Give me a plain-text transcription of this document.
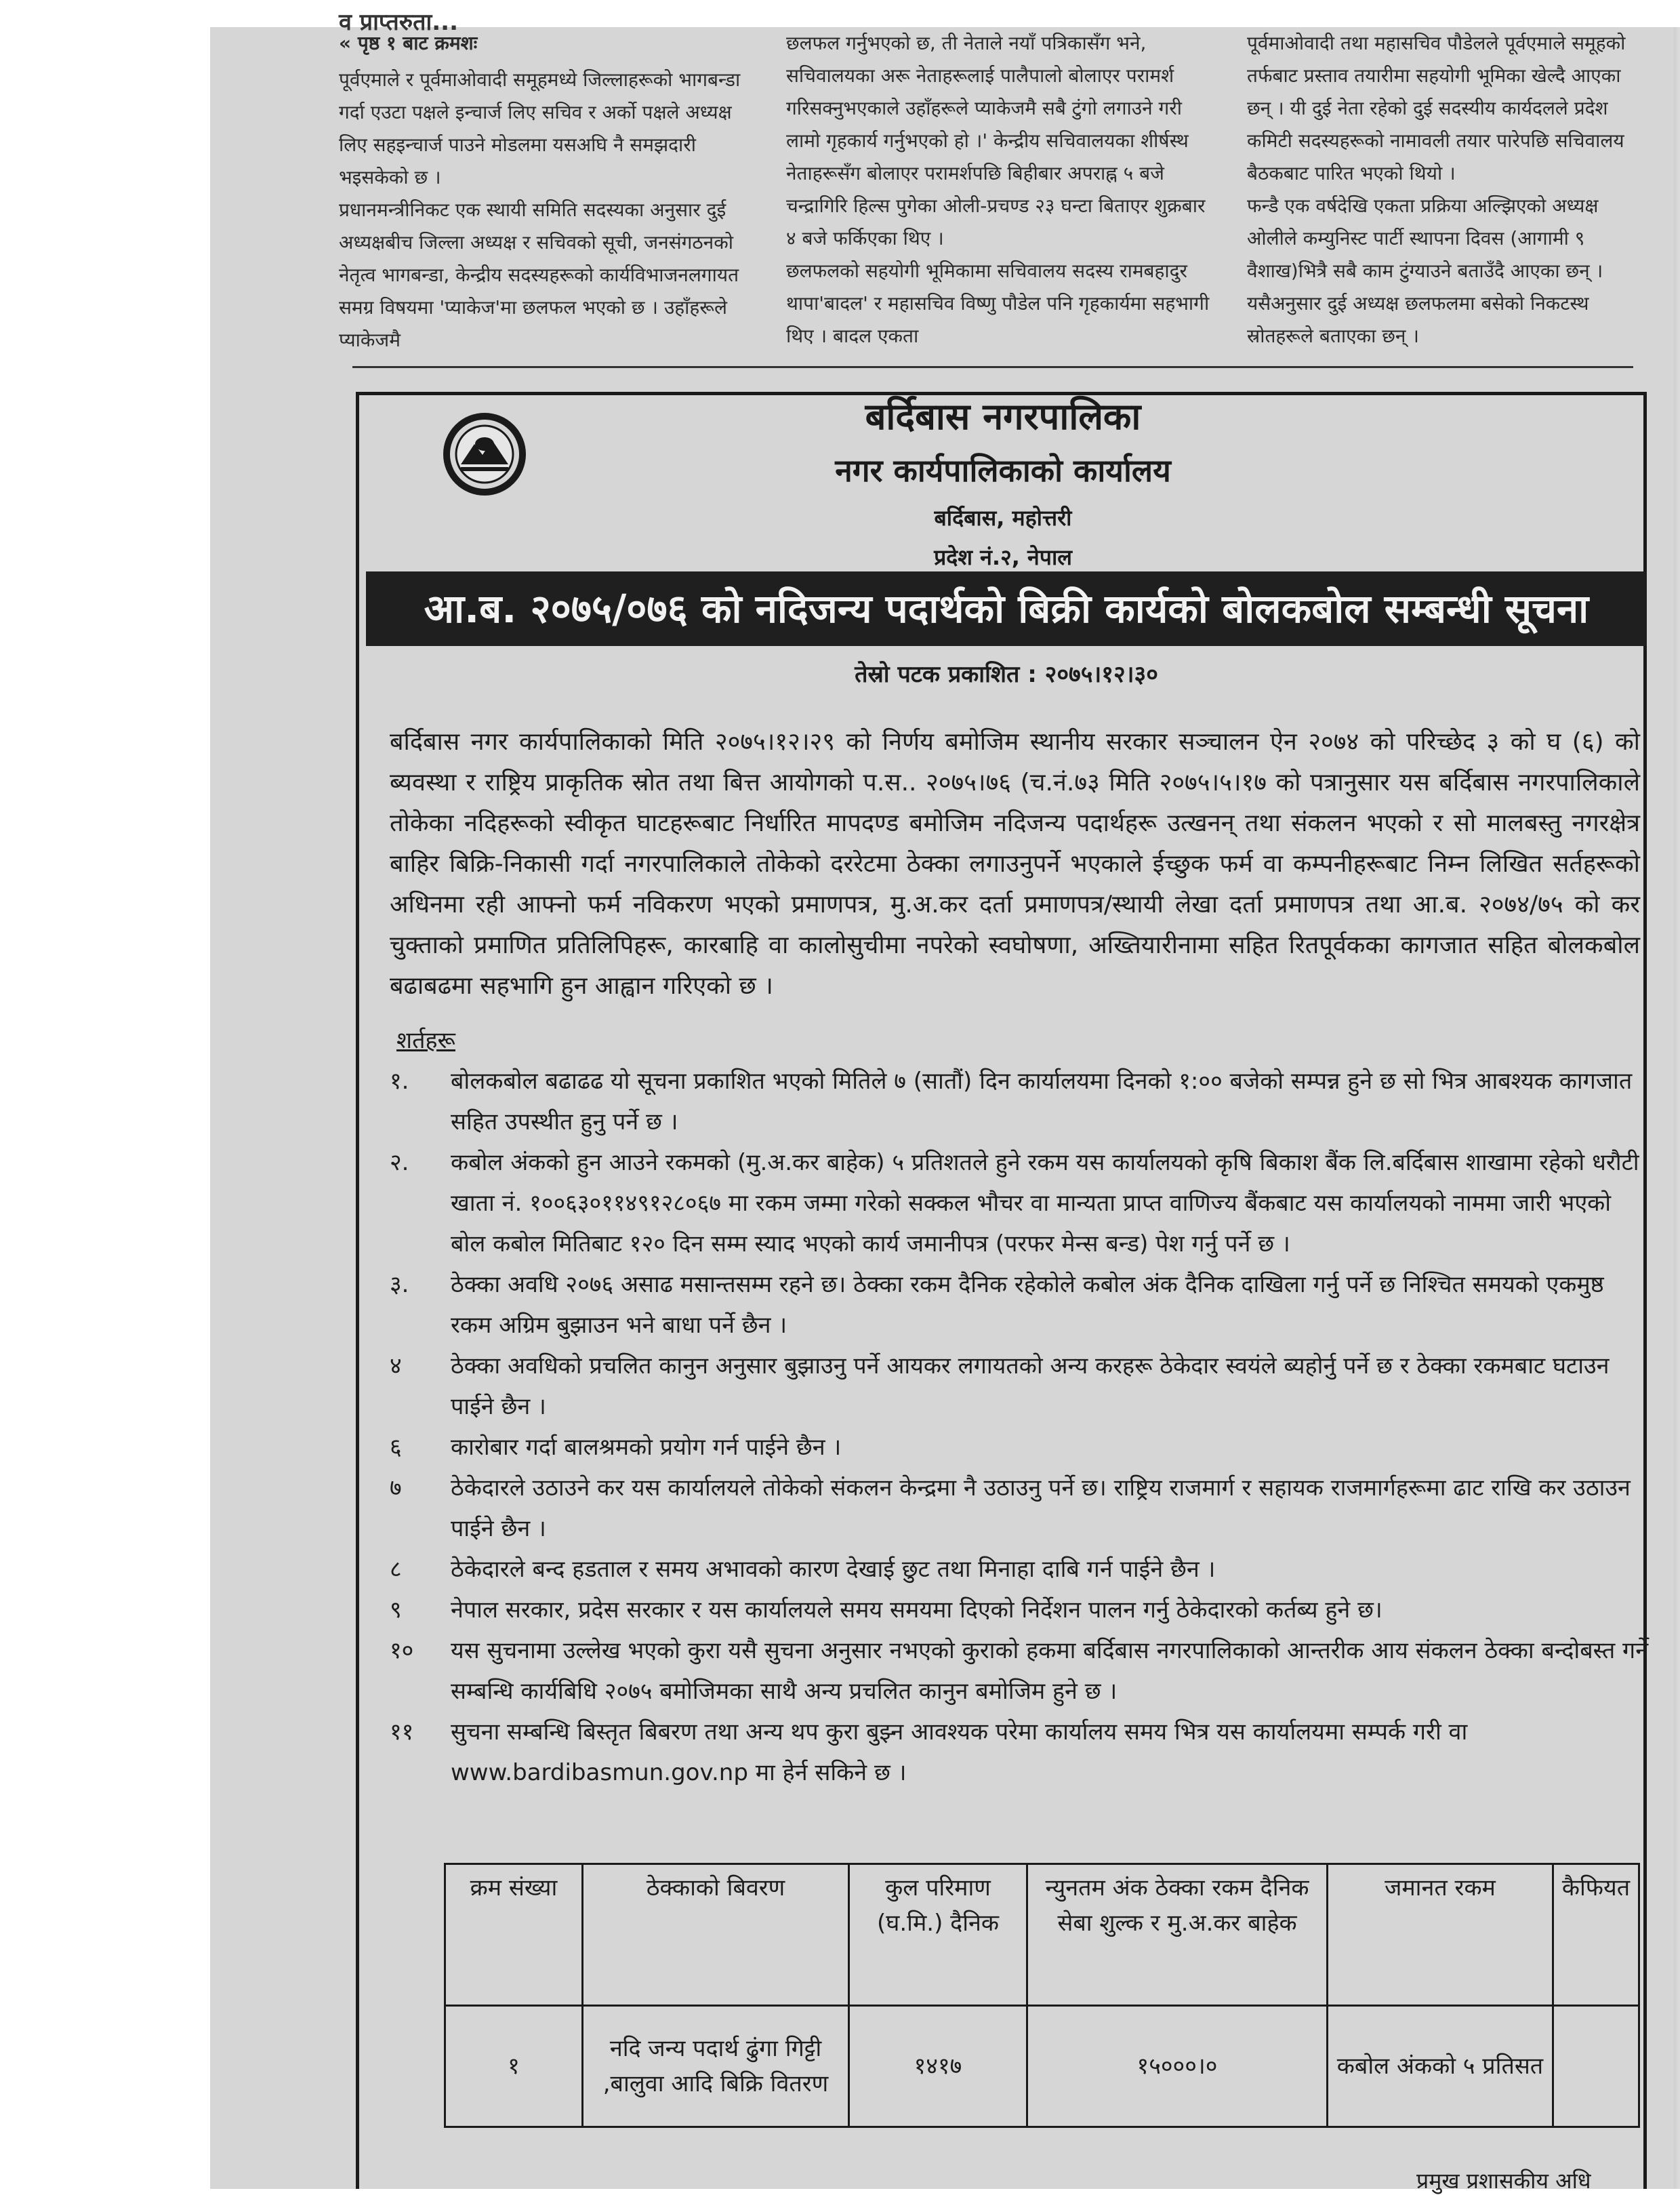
व प्राप्तरुता...

« पृष्ठ १ बाट क्रमशः

पूर्वएमाले र पूर्वमाओवादी समूहमध्ये जिल्लाहरूको भागबन्डा गर्दा एउटा पक्षले इन्चार्ज लिए सचिव र अर्को पक्षले अध्यक्ष लिए सहइन्चार्ज पाउने मोडलमा यसअघि नै समझदारी भइसकेको छ ।

प्रधानमन्त्रीनिकट एक स्थायी समिति सदस्यका अनुसार दुई अध्यक्षबीच जिल्ला अध्यक्ष र सचिवको सूची, जनसंगठनको नेतृत्व भागबन्डा, केन्द्रीय सदस्यहरूको कार्यविभाजनलगायत समग्र विषयमा 'प्याकेज'मा छलफल भएको छ । उहाँहरूले प्याकेजमै

छलफल गर्नुभएको छ, ती नेताले नयाँ पत्रिकासँग भने, सचिवालयका अरू नेताहरूलाई पालैपालो बोलाएर परामर्श गरिसक्नुभएकाले उहाँहरूले प्याकेजमै सबै टुंगो लगाउने गरी लामो गृहकार्य गर्नुभएको हो ।' केन्द्रीय सचिवालयका शीर्षस्थ नेताहरूसँग बोलाएर परामर्शपछि बिहीबार अपराह्न ५ बजे चन्द्रागिरि हिल्स पुगेका ओली-प्रचण्ड २३ घन्टा बिताएर शुक्रबार ४ बजे फर्किएका थिए ।

छलफलको सहयोगी भूमिकामा सचिवालय सदस्य रामबहादुर थापा'बादल' र महासचिव विष्णु पौडेल पनि गृहकार्यमा सहभागी थिए । बादल एकता

पूर्वमाओवादी तथा महासचिव पौडेलले पूर्वएमाले समूहको तर्फबाट प्रस्ताव तयारीमा सहयोगी भूमिका खेल्दै आएका छन् । यी दुई नेता रहेको दुई सदस्यीय कार्यदलले प्रदेश कमिटी सदस्यहरूको नामावली तयार पारेपछि सचिवालय बैठकबाट पारित भएको थियो ।

फन्डै एक वर्षदेखि एकता प्रक्रिया अल्झिएको अध्यक्ष ओलीले कम्युनिस्ट पार्टी स्थापना दिवस (आगामी ९ वैशाख)भित्रै सबै काम टुंग्याउने बताउँदै आएका छन् । यसैअनुसार दुई अध्यक्ष छलफलमा बसेको निकटस्थ स्रोतहरूले बताएका छन् ।

बर्दिबास नगरपालिका
नगर कार्यपालिकाको कार्यालय
बर्दिबास, महोत्तरी
प्रदेश नं.२, नेपाल
आ.ब. २०७५/०७६ को नदिजन्य पदार्थको बिक्री कार्यको बोलकबोल सम्बन्धी सूचना
तेस्रो पटक प्रकाशित : २०७५।१२।३०
बर्दिबास नगर कार्यपालिकाको मिति २०७५।१२।२९ को निर्णय बमोजिम स्थानीय सरकार सञ्चालन ऐन २०७४ को परिच्छेद ३ को घ (६) को ब्यवस्था र राष्ट्रिय प्राकृतिक स्रोत तथा बित्त आयोगको प.स.. २०७५।७६ (च.नं.७३ मिति २०७५।५।१७ को पत्रानुसार यस बर्दिबास नगरपालिकाले तोकेका नदिहरूको स्वीकृत घाटहरूबाट निर्धारित मापदण्ड बमोजिम नदिजन्य पदार्थहरू उत्खनन् तथा संकलन भएको र सो मालबस्तु नगरक्षेत्र बाहिर बिक्रि-निकासी गर्दा नगरपालिकाले तोकेको दररेटमा ठेक्का लगाउनुपर्ने भएकाले ईच्छुक फर्म वा कम्पनीहरूबाट निम्न लिखित सर्तहरूको अधिनमा रही आफ्नो फर्म नविकरण भएको प्रमाणपत्र, मु.अ.कर दर्ता प्रमाणपत्र/स्थायी लेखा दर्ता प्रमाणपत्र तथा आ.ब. २०७४/७५ को कर चुक्ताको प्रमाणित प्रतिलिपिहरू, कारबाहि वा कालोसुचीमा नपरेको स्वघोषणा, अख्तियारीनामा सहित रितपूर्वकका कागजात सहित बोलकबोल बढाबढमा सहभागि हुन आह्वान गरिएको छ ।
शर्तहरू
१.	बोलकबोल बढाढढ यो सूचना प्रकाशित भएको मितिले ७ (सातौं) दिन कार्यालयमा दिनको १:०० बजेको सम्पन्न हुने छ सो भित्र आबश्यक कागजात सहित उपस्थीत हुनु पर्ने छ ।
२.	कबोल अंकको हुन आउने रकमको (मु.अ.कर बाहेक) ५ प्रतिशतले हुने रकम यस कार्यालयको कृषि बिकाश बैंक लि.बर्दिबास शाखामा रहेको धरौटी खाता नं. १००६३०११४९१२८०६७ मा रकम जम्मा गरेको सक्कल भौचर वा मान्यता प्राप्त वाणिज्य बैंकबाट यस कार्यालयको नाममा जारी भएको बोल कबोल मितिबाट १२० दिन सम्म स्याद भएको कार्य जमानीपत्र (परफर मेन्स बन्ड) पेश गर्नु पर्ने छ ।
३.	ठेक्का अवधि २०७६ असाढ मसान्तसम्म रहने छ। ठेक्का रकम दैनिक रहेकोले कबोल अंक दैनिक दाखिला गर्नु पर्ने छ निश्चित समयको एकमुष्ठ रकम अग्रिम बुझाउन भने बाधा पर्ने छैन ।
४	ठेक्का अवधिको प्रचलित कानुन अनुसार बुझाउनु पर्ने आयकर लगायतको अन्य करहरू ठेकेदार स्वयंले ब्यहोर्नु पर्ने छ र ठेक्का रकमबाट घटाउन पाईने छैन ।
६	कारोबार गर्दा बालश्रमको प्रयोग गर्न पाईने छैन ।
७	ठेकेदारले उठाउने कर यस कार्यालयले तोकेको संकलन केन्द्रमा नै उठाउनु पर्ने छ। राष्ट्रिय राजमार्ग र सहायक राजमार्गहरूमा ढाट राखि कर उठाउन पाईने छैन ।
८	ठेकेदारले बन्द हडताल र समय अभावको कारण देखाई छुट तथा मिनाहा दाबि गर्न पाईने छैन ।
९	नेपाल सरकार, प्रदेस सरकार र यस कार्यालयले समय समयमा दिएको निर्देशन पालन गर्नु ठेकेदारको कर्तब्य हुने छ।
१०	यस सुचनामा उल्लेख भएको कुरा यसै सुचना अनुसार नभएको कुराको हकमा बर्दिबास नगरपालिकाको आन्तरीक आय संकलन ठेक्का बन्दोबस्त गर्ने सम्बन्धि कार्यबिधि २०७५ बमोजिमका साथै अन्य प्रचलित कानुन बमोजिम हुने छ ।
११	सुचना सम्बन्धि बिस्तृत बिबरण तथा अन्य थप कुरा बुझ्न आवश्यक परेमा कार्यालय समय भित्र यस कार्यालयमा सम्पर्क गरी वा www.bardibasmun.gov.np मा हेर्न सकिने छ ।
क्रम संख्या	ठेक्काको बिवरण	कुल परिमाण (घ.मि.) दैनिक	न्युनतम अंक ठेक्का रकम दैनिक सेबा शुल्क र मु.अ.कर बाहेक	जमानत रकम	कैफियत
१	नदि जन्य पदार्थ ढुंगा गिट्टी ,बालुवा आदि बिक्रि वितरण	१४१७	१५०००।०	कबोल अंकको ५ प्रतिसत	
प्रमुख प्रशासकीय अधि
